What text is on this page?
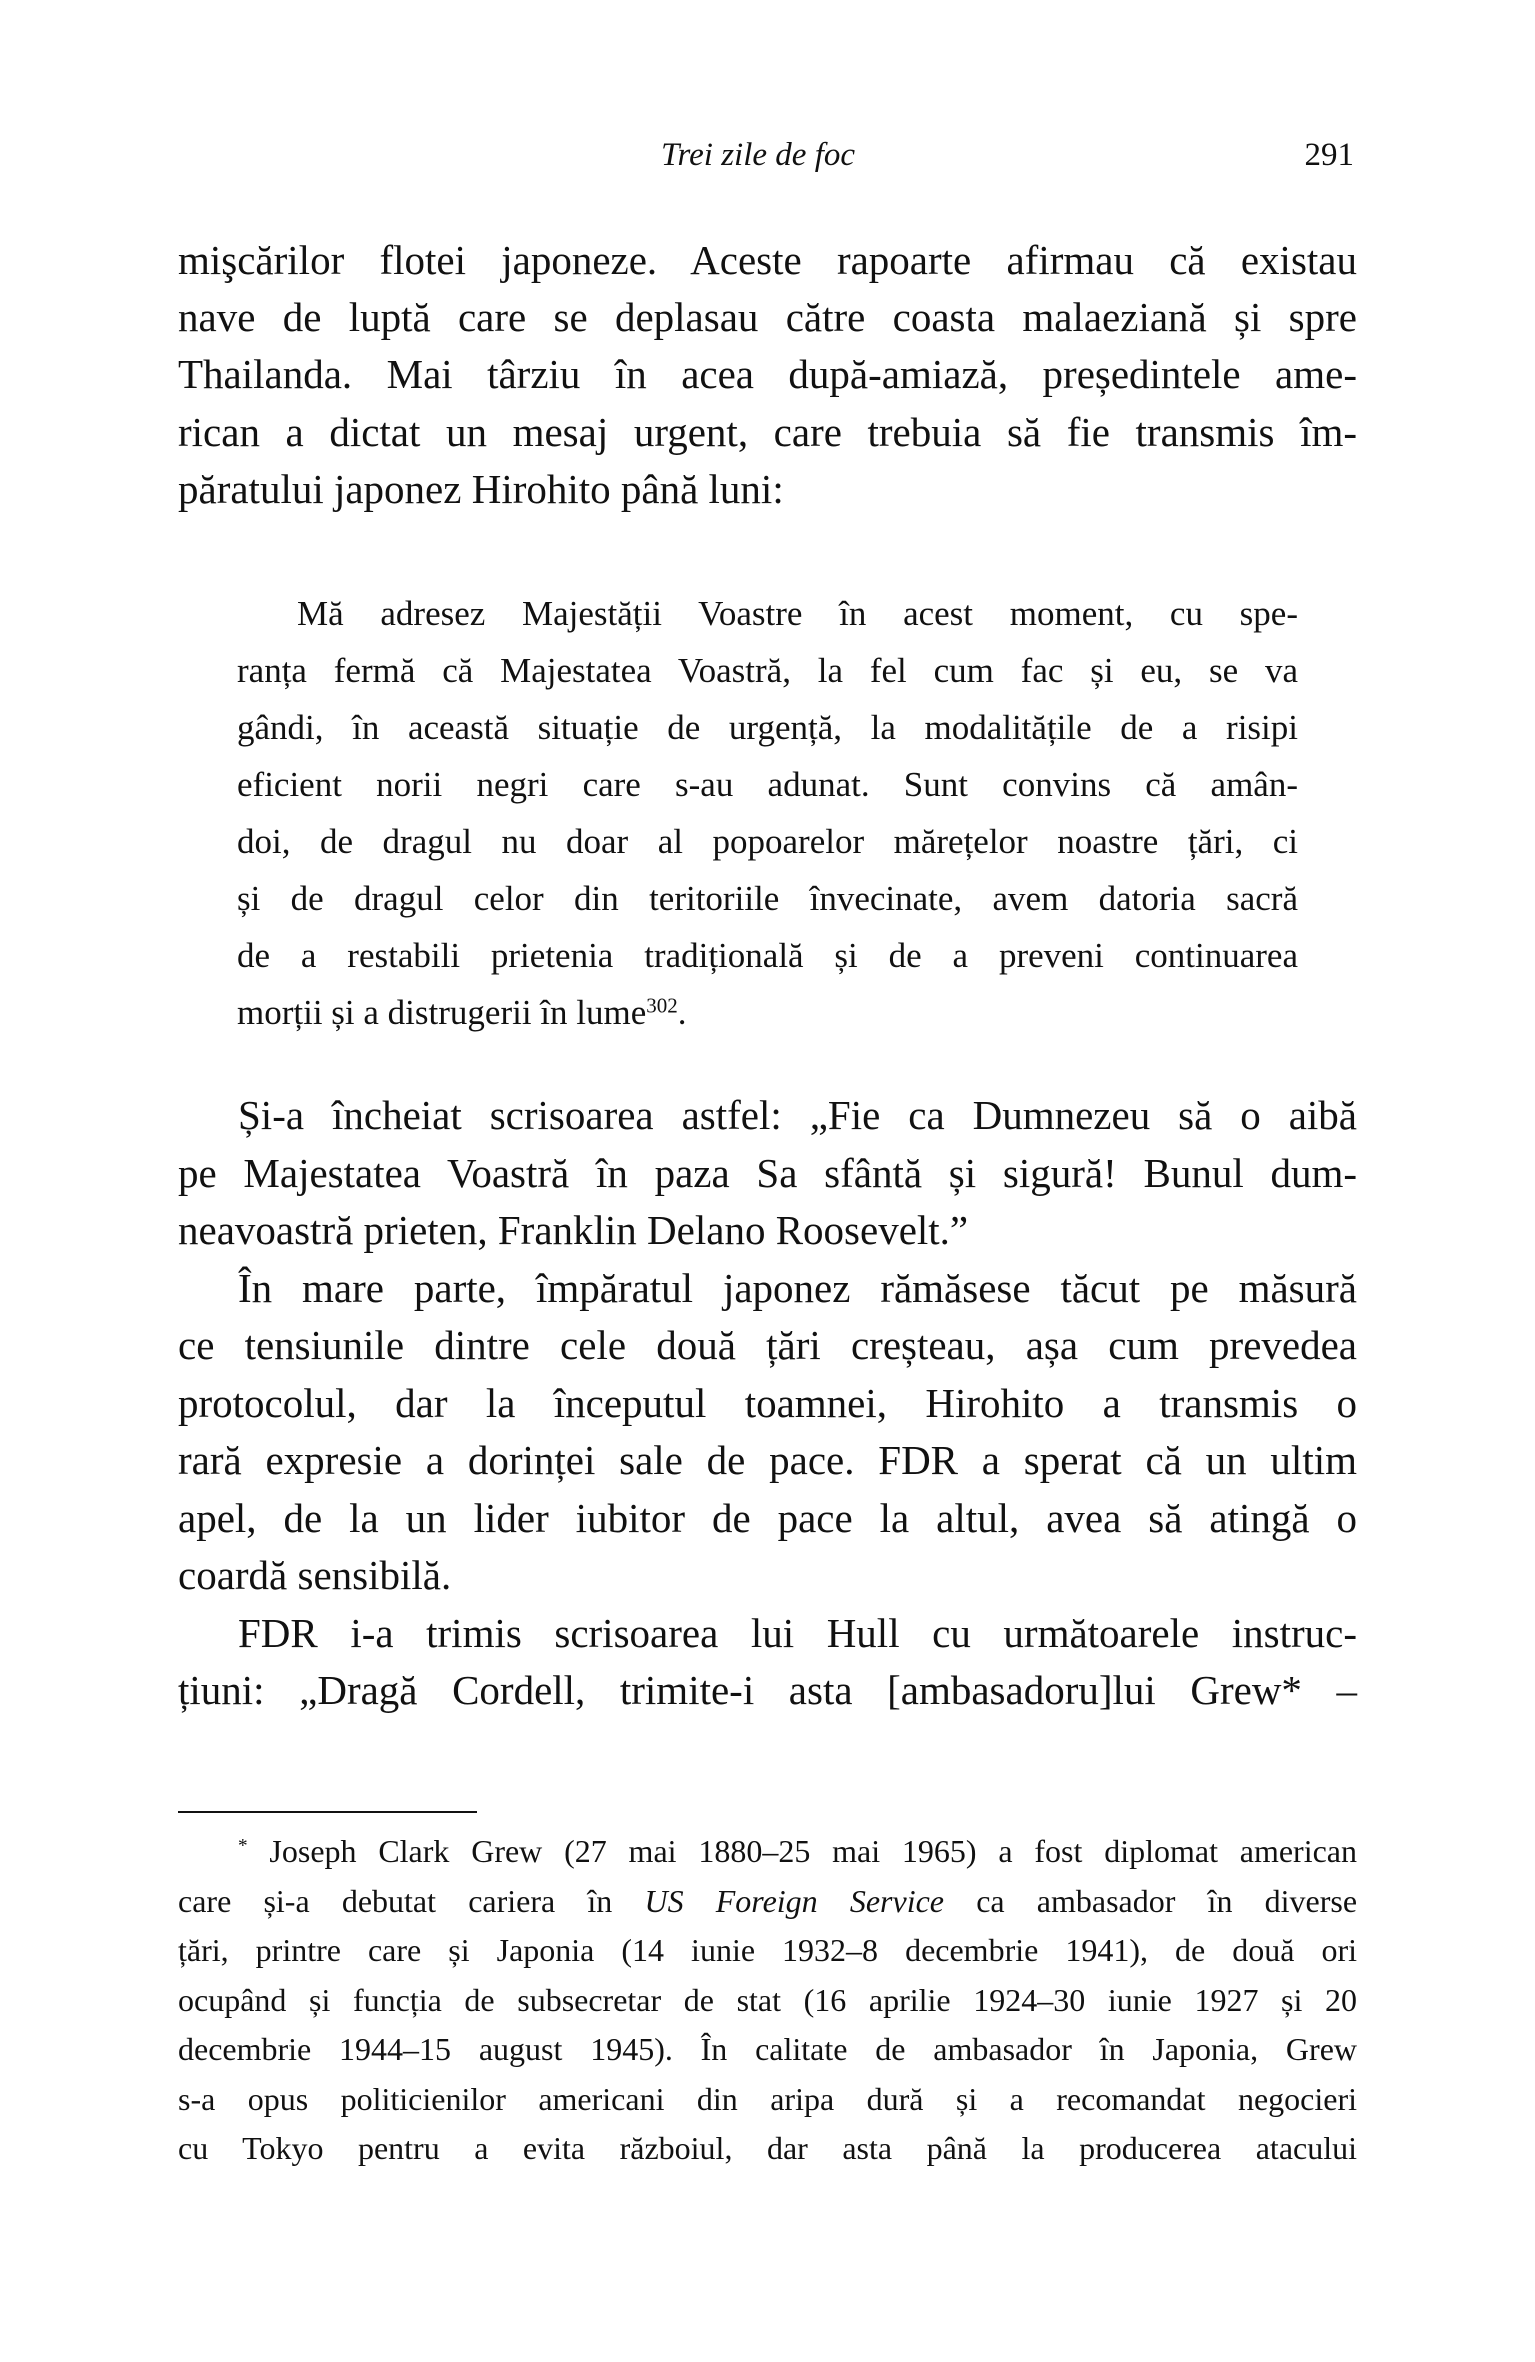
Trei zile de foc	291
mişcărilor flotei japoneze. Aceste rapoarte afirmau că existau
nave de luptă care se deplasau către coasta malaeziană și spre
Thailanda. Mai târziu în acea după-amiază, președintele ame-
rican a dictat un mesaj urgent, care trebuia să fie transmis îm-
păratului japonez Hirohito până luni:
Mă adresez Majestății Voastre în acest moment, cu spe-
ranța fermă că Majestatea Voastră, la fel cum fac și eu, se va
gândi, în această situație de urgență, la modalitățile de a risipi
eficient norii negri care s-au adunat. Sunt convins că amân-
doi, de dragul nu doar al popoarelor mărețelor noastre țări, ci
și de dragul celor din teritoriile învecinate, avem datoria sacră
de a restabili prietenia tradițională și de a preveni continuarea
morții și a distrugerii în lume$^{302}$.
Și-a încheiat scrisoarea astfel: „Fie ca Dumnezeu să o aibă
pe Majestatea Voastră în paza Sa sfântă și sigură! Bunul dum-
neavoastră prieten, Franklin Delano Roosevelt.”
În mare parte, împăratul japonez rămăsese tăcut pe măsură
ce tensiunile dintre cele două țări creșteau, așa cum prevedea
protocolul, dar la începutul toamnei, Hirohito a transmis o
rară expresie a dorinței sale de pace. FDR a sperat că un ultim
apel, de la un lider iubitor de pace la altul, avea să atingă o
coardă sensibilă.
FDR i-a trimis scrisoarea lui Hull cu următoarele instruc-
țiuni: „Dragă Cordell, trimite-i asta [ambasadoru]lui Grew* –
* Joseph Clark Grew (27 mai 1880–25 mai 1965) a fost diplomat american
care și-a debutat cariera în US Foreign Service ca ambasador în diverse
țări, printre care și Japonia (14 iunie 1932–8 decembrie 1941), de două ori
ocupând și funcția de subsecretar de stat (16 aprilie 1924–30 iunie 1927 și 20
decembrie 1944–15 august 1945). În calitate de ambasador în Japonia, Grew
s-a opus politicienilor americani din aripa dură și a recomandat negocieri
cu Tokyo pentru a evita războiul, dar asta până la producerea atacului
